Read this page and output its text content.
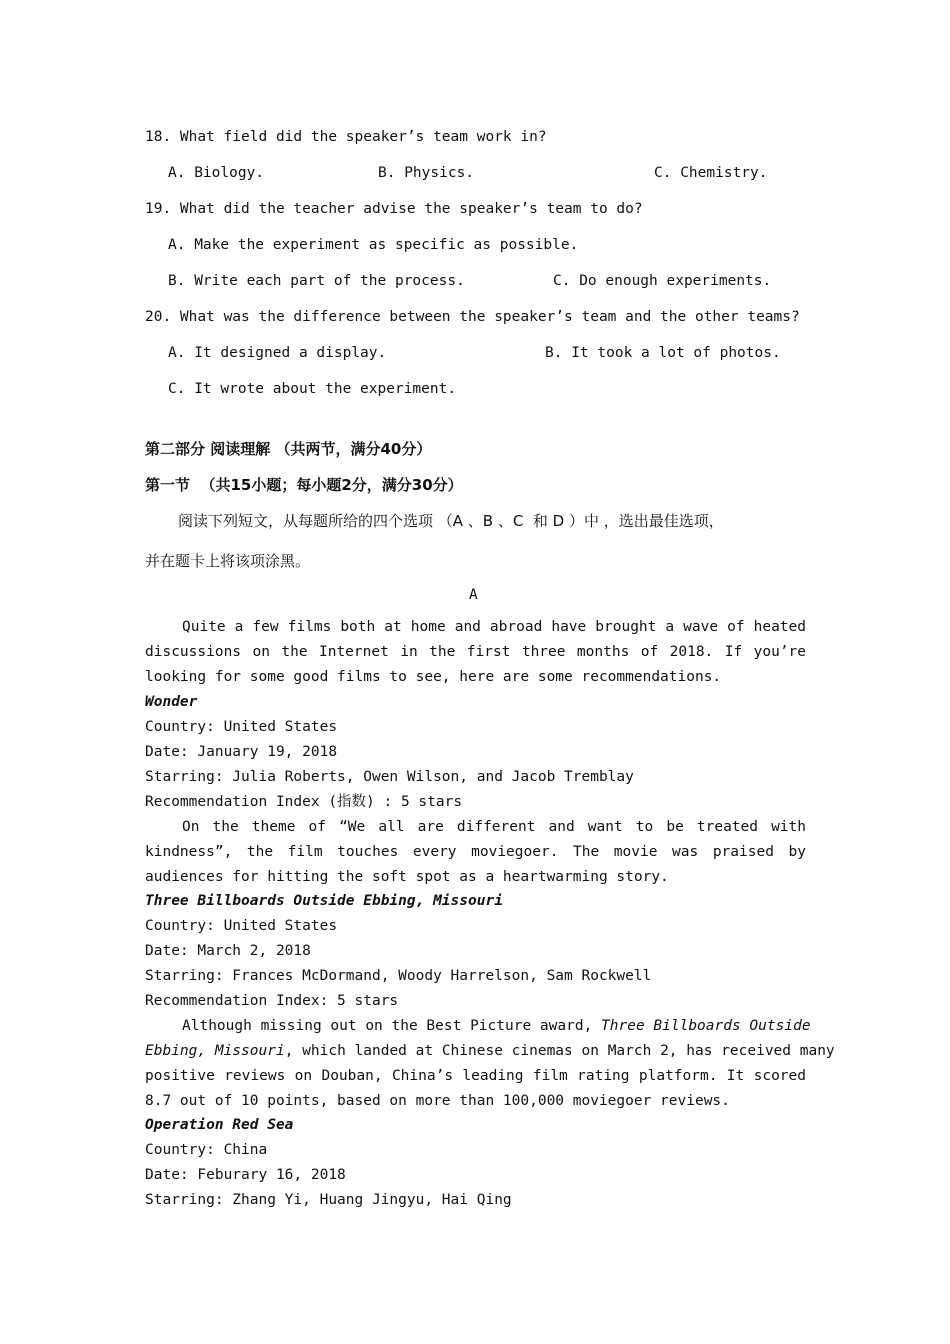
18. What field did the speaker’s team work in?
A. Biology.	B. Physics.	C. Chemistry.
19. What did the teacher advise the speaker’s team to do?
A. Make the experiment as specific as possible.
B. Write each part of the process.	C. Do enough experiments.
20. What was the difference between the speaker’s team and the other teams?
A. It designed a display.	B. It took a lot of photos.
C. It wrote about the experiment.
第二部分 阅读理解 （共两节，满分40分）
第一节  （共15小题；每小题2分，满分30分）
阅读下列短文，从每题所给的四个选项 （A 、B 、C  和 D ）中 ，选出最佳选项，
并在题卡上将该项涂黑。
A
Quite a few films both at home and abroad have brought a wave of heated
discussions on the Internet in the first three months of 2018. If you’re
looking for some good films to see, here are some recommendations.
Wonder
Country: United States
Date: January 19, 2018
Starring: Julia Roberts, Owen Wilson, and Jacob Tremblay
Recommendation Index (指数) : 5 stars
On the theme of “We all are different and want to be treated with
kindness”, the film touches every moviegoer. The movie was praised by
audiences for hitting the soft spot as a heartwarming story.
Three Billboards Outside Ebbing, Missouri
Country: United States
Date: March 2, 2018
Starring: Frances McDormand, Woody Harrelson, Sam Rockwell
Recommendation Index: 5 stars
Although missing out on the Best Picture award, Three Billboards Outside
Ebbing, Missouri, which landed at Chinese cinemas on March 2, has received many
positive reviews on Douban, China’s leading film rating platform. It scored
8.7 out of 10 points, based on more than 100,000 moviegoer reviews.
Operation Red Sea
Country: China
Date: Feburary 16, 2018
Starring: Zhang Yi, Huang Jingyu, Hai Qing
